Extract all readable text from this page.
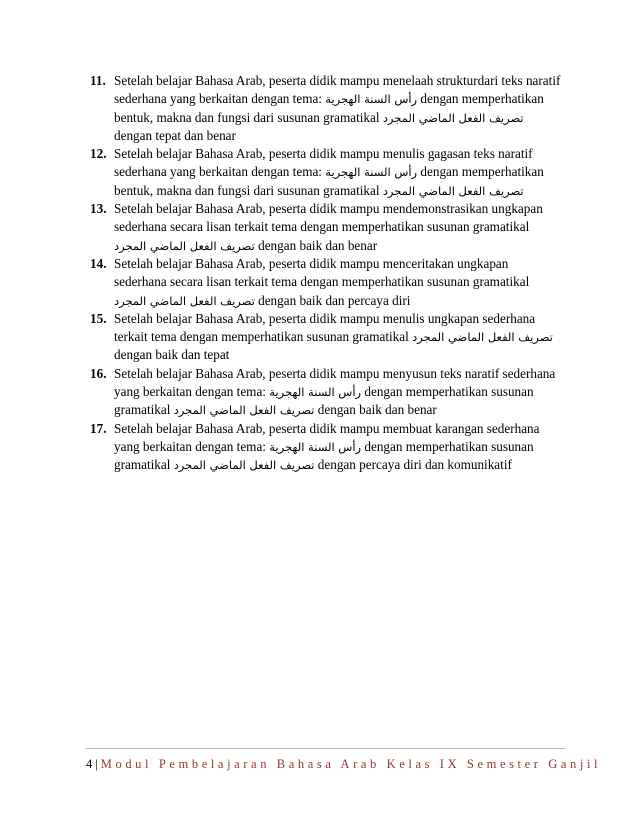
11. Setelah belajar Bahasa Arab, peserta didik mampu menelaah strukturdari teks naratif sederhana yang berkaitan dengan tema: رأس السنة الهجرية dengan memperhatikan bentuk, makna dan fungsi dari susunan gramatikal تصريف الفعل الماضي المجرد dengan tepat dan benar
12. Setelah belajar Bahasa Arab, peserta didik mampu menulis gagasan teks naratif sederhana yang berkaitan dengan tema: رأس السنة الهجرية dengan memperhatikan bentuk, makna dan fungsi dari susunan gramatikal تصريف الفعل الماضي المجرد
13. Setelah belajar Bahasa Arab, peserta didik mampu mendemonstrasikan ungkapan sederhana secara lisan terkait tema dengan memperhatikan susunan gramatikal تصريف الفعل الماضي المجرد dengan baik dan benar
14. Setelah belajar Bahasa Arab, peserta didik mampu menceritakan ungkapan sederhana secara lisan terkait tema dengan memperhatikan susunan gramatikal تصريف الفعل الماضي المجرد dengan baik dan percaya diri
15. Setelah belajar Bahasa Arab, peserta didik mampu menulis ungkapan sederhana terkait tema dengan memperhatikan susunan gramatikal تصريف الفعل الماضي المجرد dengan baik dan tepat
16. Setelah belajar Bahasa Arab, peserta didik mampu menyusun teks naratif sederhana yang berkaitan dengan tema: رأس السنة الهجرية dengan memperhatikan susunan gramatikal تصريف الفعل الماضي المجرد dengan baik dan benar
17. Setelah belajar Bahasa Arab, peserta didik mampu membuat karangan sederhana yang berkaitan dengan tema: رأس السنة الهجرية dengan memperhatikan susunan gramatikal تصريف الفعل الماضي المجرد dengan percaya diri dan komunikatif
4 | Modul Pembelajaran Bahasa Arab Kelas IX Semester Ganjil
